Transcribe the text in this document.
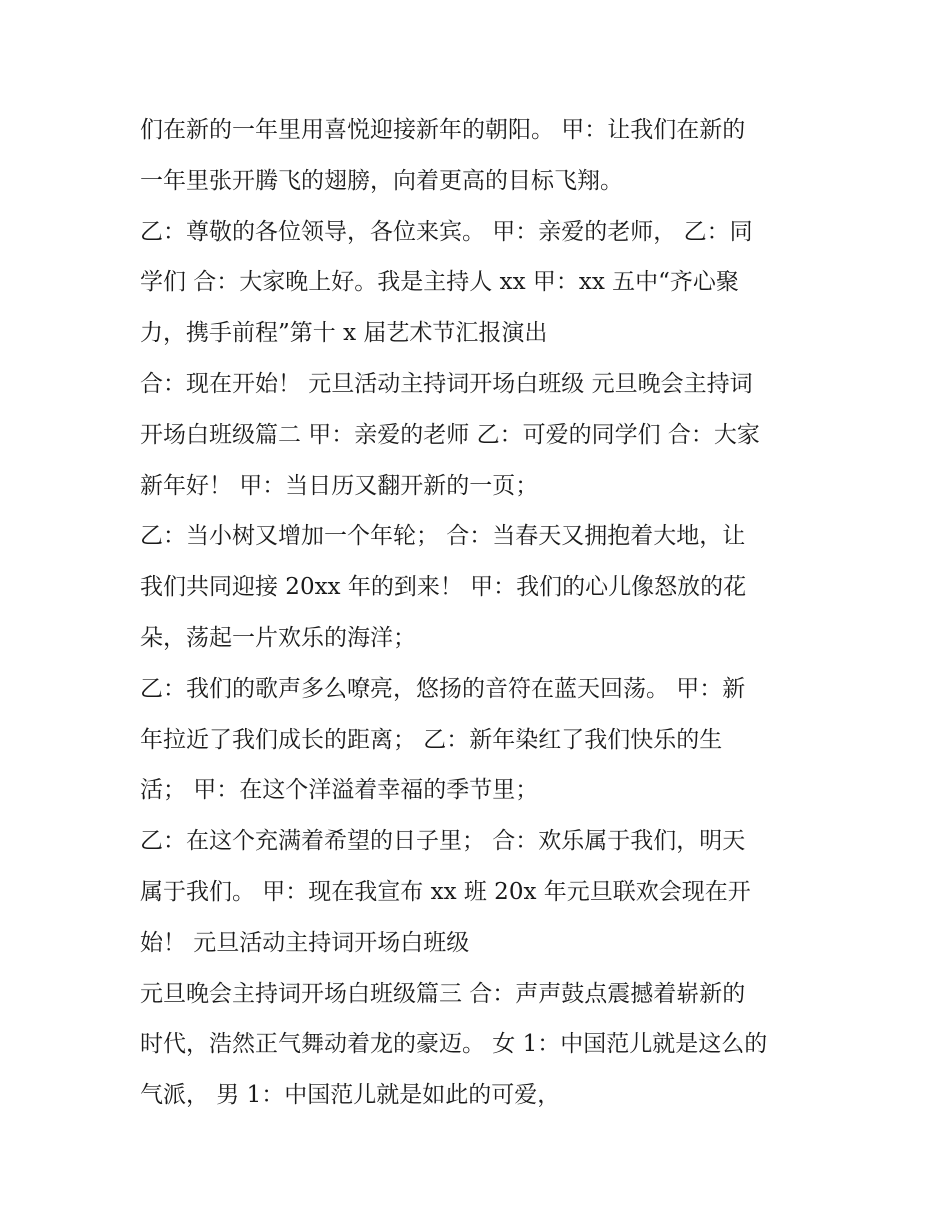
们在新的一年里用喜悦迎接新年的朝阳。 甲：让我们在新的
一年里张开腾飞的翅膀，向着更高的目标飞翔。
乙：尊敬的各位领导，各位来宾。 甲：亲爱的老师， 乙：同
学们 合：大家晚上好。我是主持人 xx 甲：xx 五中“齐心聚
力，携手前程”第十 x 届艺术节汇报演出
合：现在开始！ 元旦活动主持词开场白班级 元旦晚会主持词
开场白班级篇二 甲：亲爱的老师 乙：可爱的同学们 合：大家
新年好！ 甲：当日历又翻开新的一页；
乙：当小树又增加一个年轮； 合：当春天又拥抱着大地，让
我们共同迎接 20xx 年的到来！ 甲：我们的心儿像怒放的花
朵，荡起一片欢乐的海洋；
乙：我们的歌声多么嘹亮，悠扬的音符在蓝天回荡。 甲：新
年拉近了我们成长的距离； 乙：新年染红了我们快乐的生
活； 甲：在这个洋溢着幸福的季节里；
乙：在这个充满着希望的日子里； 合：欢乐属于我们，明天
属于我们。 甲：现在我宣布 xx 班 20x 年元旦联欢会现在开
始！ 元旦活动主持词开场白班级
元旦晚会主持词开场白班级篇三 合：声声鼓点震撼着崭新的
时代，浩然正气舞动着龙的豪迈。 女 1：中国范儿就是这么的
气派， 男 1：中国范儿就是如此的可爱，
